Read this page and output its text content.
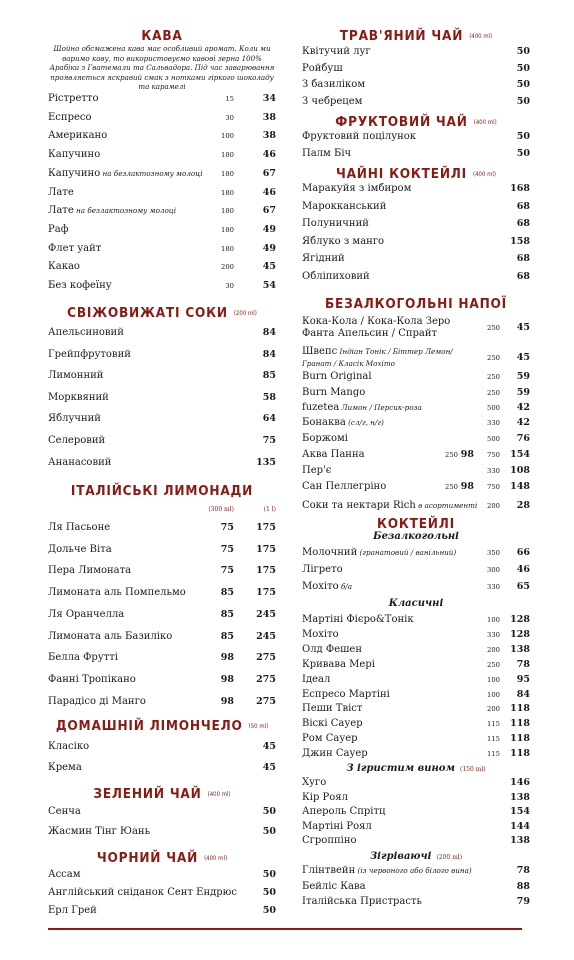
КАВА
Шойно обсмажена кава має особливий аромат. Коли ми варимо каву, то використовуємо кавові зерна 100% Арабіки з Гватемали та Сальвадора. Під час заварювання проявляється яскравий смак з нотками гіркого шоколаду та карамелі
Рістретто	15	34
Еспресо	30	38
Американо	100	38
Капучино	180	46
Капучино на безлактозному молоці	180	67
Лате	180	46
Лате на безлактозному молоці	180	67
Раф	180	49
Флет уайт	180	49
Какао	200	45
Без кофеїну	30	54
СВІЖОВИЖАТІ СОКИ (200 ml)
Апельсиновий	84
Грейпфрутовий	84
Лимонний	85
Морквяний	58
Яблучний	64
Селеровий	75
Ананасовий	135
ІТАЛІЙСЬКІ ЛИМОНАДИ
(300 ml)	(1 l)
Ля Пасьоне	75 175
Дольче Віта	75 175
Пера Лимоната	75 175
Лимоната аль Помпельмо	85 175
Ля Оранчелла	85 245
Лимоната аль Базиліко	85 245
Белла Фрутті	98 275
Фанні Тропікано	98 275
Парадісо ді Манго	98 275
ДОМАШНІЙ ЛІМОНЧЕЛО (50 ml)
Класіко	45
Крема	45
ЗЕЛЕНИЙ ЧАЙ (400 ml)
Сенча	50
Жасмин Тінг Юань	50
ЧОРНИЙ ЧАЙ (400 ml)
Ассам	50
Англійський сніданок Сент Ендрюс	50
Ерл Грей	50
ТРАВ'ЯНИЙ ЧАЙ (400 ml)
Квітучий луг	50
Ройбуш	50
З базиліком	50
З чебрецем	50
ФРУКТОВИЙ ЧАЙ (400 ml)
Фруктовий поцілунок	50
Палм Біч	50
ЧАЙНІ КОКТЕЙЛІ (400 ml)
Маракуйя з імбиром	168
Марокканський	68
Полуничний	68
Яблуко з манго	158
Ягідний	68
Обліпиховий	68
БЕЗАЛКОГОЛЬНІ НАПОЇ
Кока-Кола / Кока-Кола Зеро
Фанта Апельсин / Спрайт	250 45
Швепс Індіан Тонік / Біттер Лемон/
Гранат / Класік Мохіто
250 45
Burn Original	250 59
Burn Mango	250 59
fuzetea Лимон / Персик-роза	500 42
Бонаква (сл/г, н/г)	330 42
Боржомі	500 76
Аква Панна	250 98	750 154
Пер'є	330 108
Сан Пеллегріно	250 98	750 148
Соки та нектари Rich в асортименті	200 28
КОКТЕЙЛІ
Безалкогольні
Молочний (гранатовий / ванільний)	350 66
Лігрето	300 46
Мохіто б/а	330 65
Класичні
Мартіні Фієро&Тонік	100 128
Мохіто	330 128
Олд Фешен	200 138
Кривава Мері	250 78
Ідеал	100 95
Еспресо Мартіні	100 84
Пеши Твіст	200 118
Віскі Сауер	115 118
Ром Сауер	115 118
Джин Сауер	115 118
З ігристим вином (150 ml)
Хуго	146
Кір Роял	138
Апероль Спрітц	154
Мартіні Роял	144
Сгроппіно	138
Зігріваючі (200 ml)
Глінтвейн (із червоного або білого вина)	78
Бейліс Кава	88
Італійська Пристрасть	79
